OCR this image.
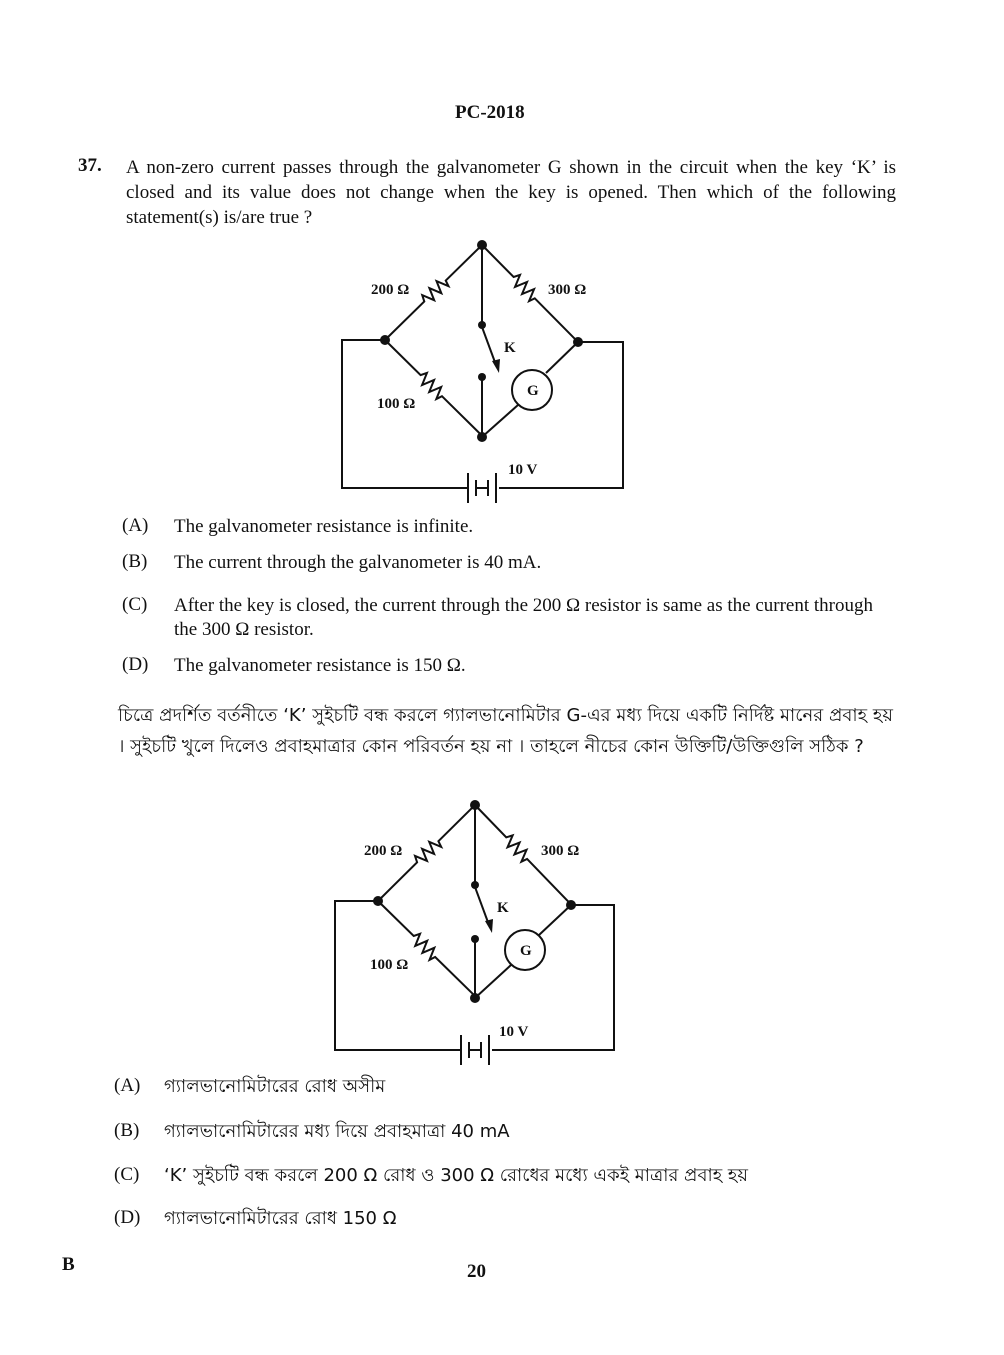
PC-2018
37. A non-zero current passes through the galvanometer G shown in the circuit when the key ‘K’ is closed and its value does not change when the key is opened. Then which of the following statement(s) is/are true ?
200 Ω	300 Ω
K
100 Ω
G
10 V
200 Ω	300 Ω
K
100 Ω
G
10 V
(A) The galvanometer resistance is infinite.
(B) The current through the galvanometer is 40 mA.
(C) After the key is closed, the current through the 200 Ω resistor is same as the current through the 300 Ω resistor.
(D) The galvanometer resistance is 150 Ω.
চিত্রে প্রদর্শিত বর্তনীতে ‘K’ সুইচটি বন্ধ করলে গ্যালভানোমিটার G-এর মধ্য দিয়ে একটি নির্দিষ্ট মানের প্রবাহ হয় । সুইচটি খুলে দিলেও প্রবাহমাত্রার কোন পরিবর্তন হয় না । তাহলে নীচের কোন উক্তিটি/উক্তিগুলি সঠিক ?
(A) গ্যালভানোমিটারের রোধ অসীম
(B) গ্যালভানোমিটারের মধ্য দিয়ে প্রবাহমাত্রা 40 mA
(C) ‘K’ সুইচটি বন্ধ করলে 200 Ω রোধ ও 300 Ω রোধের মধ্যে একই মাত্রার প্রবাহ হয়
(D) গ্যালভানোমিটারের রোধ 150 Ω
B	20
